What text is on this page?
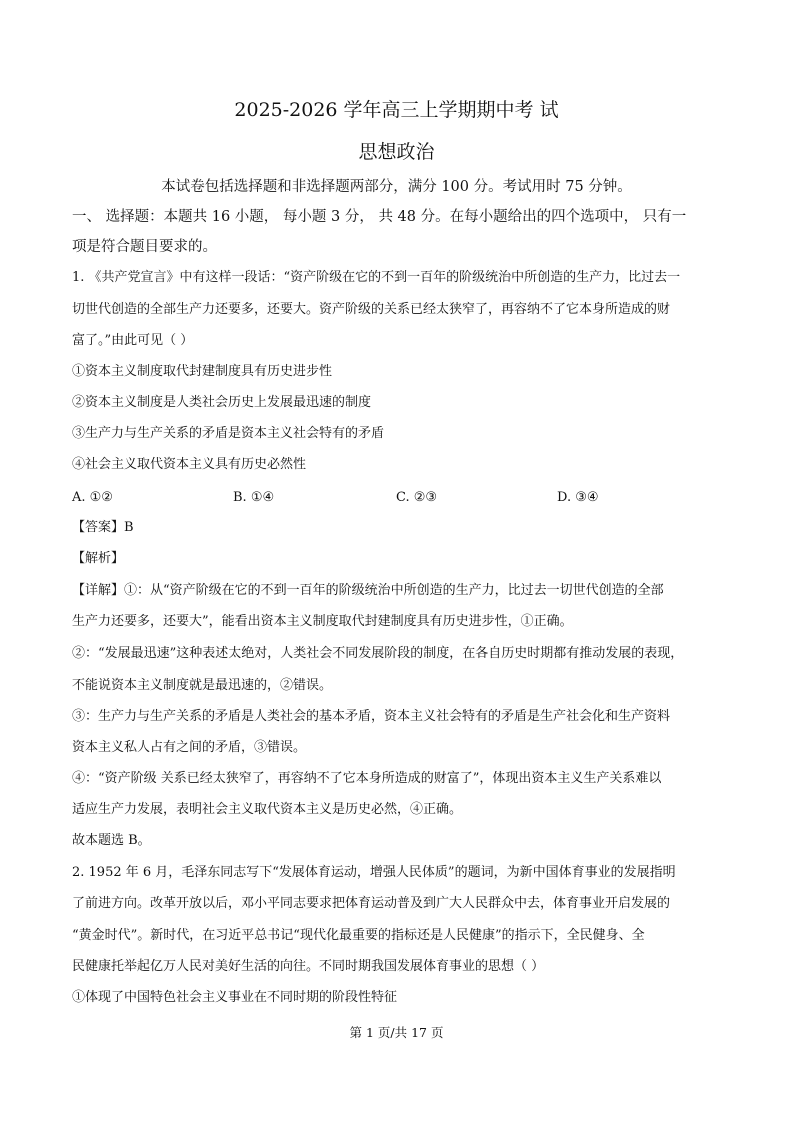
2025-2026 学年高三上学期期中考 试
思想政治
本试卷包括选择题和非选择题两部分，满分 100 分。考试用时 75 分钟。
一、 选择题：本题共 16 小题， 每小题 3 分， 共 48 分。在每小题给出的四个选项中， 只有一
项是符合题目要求的。
1. 《共产党宣言》中有这样一段话：“资产阶级在它的不到一百年的阶级统治中所创造的生产力，比过去一
切世代创造的全部生产力还要多，还要大。资产阶级的关系已经太狭窄了，再容纳不了它本身所造成的财
富了。”由此可见（ ）
①资本主义制度取代封建制度具有历史进步性
②资本主义制度是人类社会历史上发展最迅速的制度
③生产力与生产关系的矛盾是资本主义社会特有的矛盾
④社会主义取代资本主义具有历史必然性
A. ①②	B. ①④	C. ②③	D. ③④
【答案】B
【解析】
【详解】①：从“资产阶级在它的不到一百年的阶级统治中所创造的生产力，比过去一切世代创造的全部
生产力还要多，还要大”，能看出资本主义制度取代封建制度具有历史进步性，①正确。
②：“发展最迅速”这种表述太绝对，人类社会不同发展阶段的制度，在各自历史时期都有推动发展的表现，
不能说资本主义制度就是最迅速的，②错误。
③：生产力与生产关系的矛盾是人类社会的基本矛盾，资本主义社会特有的矛盾是生产社会化和生产资料
资本主义私人占有之间的矛盾，③错误。
④：“资产阶级 关系已经太狭窄了，再容纳不了它本身所造成的财富了”，体现出资本主义生产关系难以
适应生产力发展，表明社会主义取代资本主义是历史必然，④正确。
故本题选 B。
2. 1952 年 6 月，毛泽东同志写下“发展体育运动，增强人民体质”的题词，为新中国体育事业的发展指明
了前进方向。改革开放以后，邓小平同志要求把体育运动普及到广大人民群众中去，体育事业开启发展的
“黄金时代”。新时代，在习近平总书记“现代化最重要的指标还是人民健康”的指示下，全民健身、全
民健康托举起亿万人民对美好生活的向往。不同时期我国发展体育事业的思想（ ）
①体现了中国特色社会主义事业在不同时期的阶段性特征
第 1 页/共 17 页
